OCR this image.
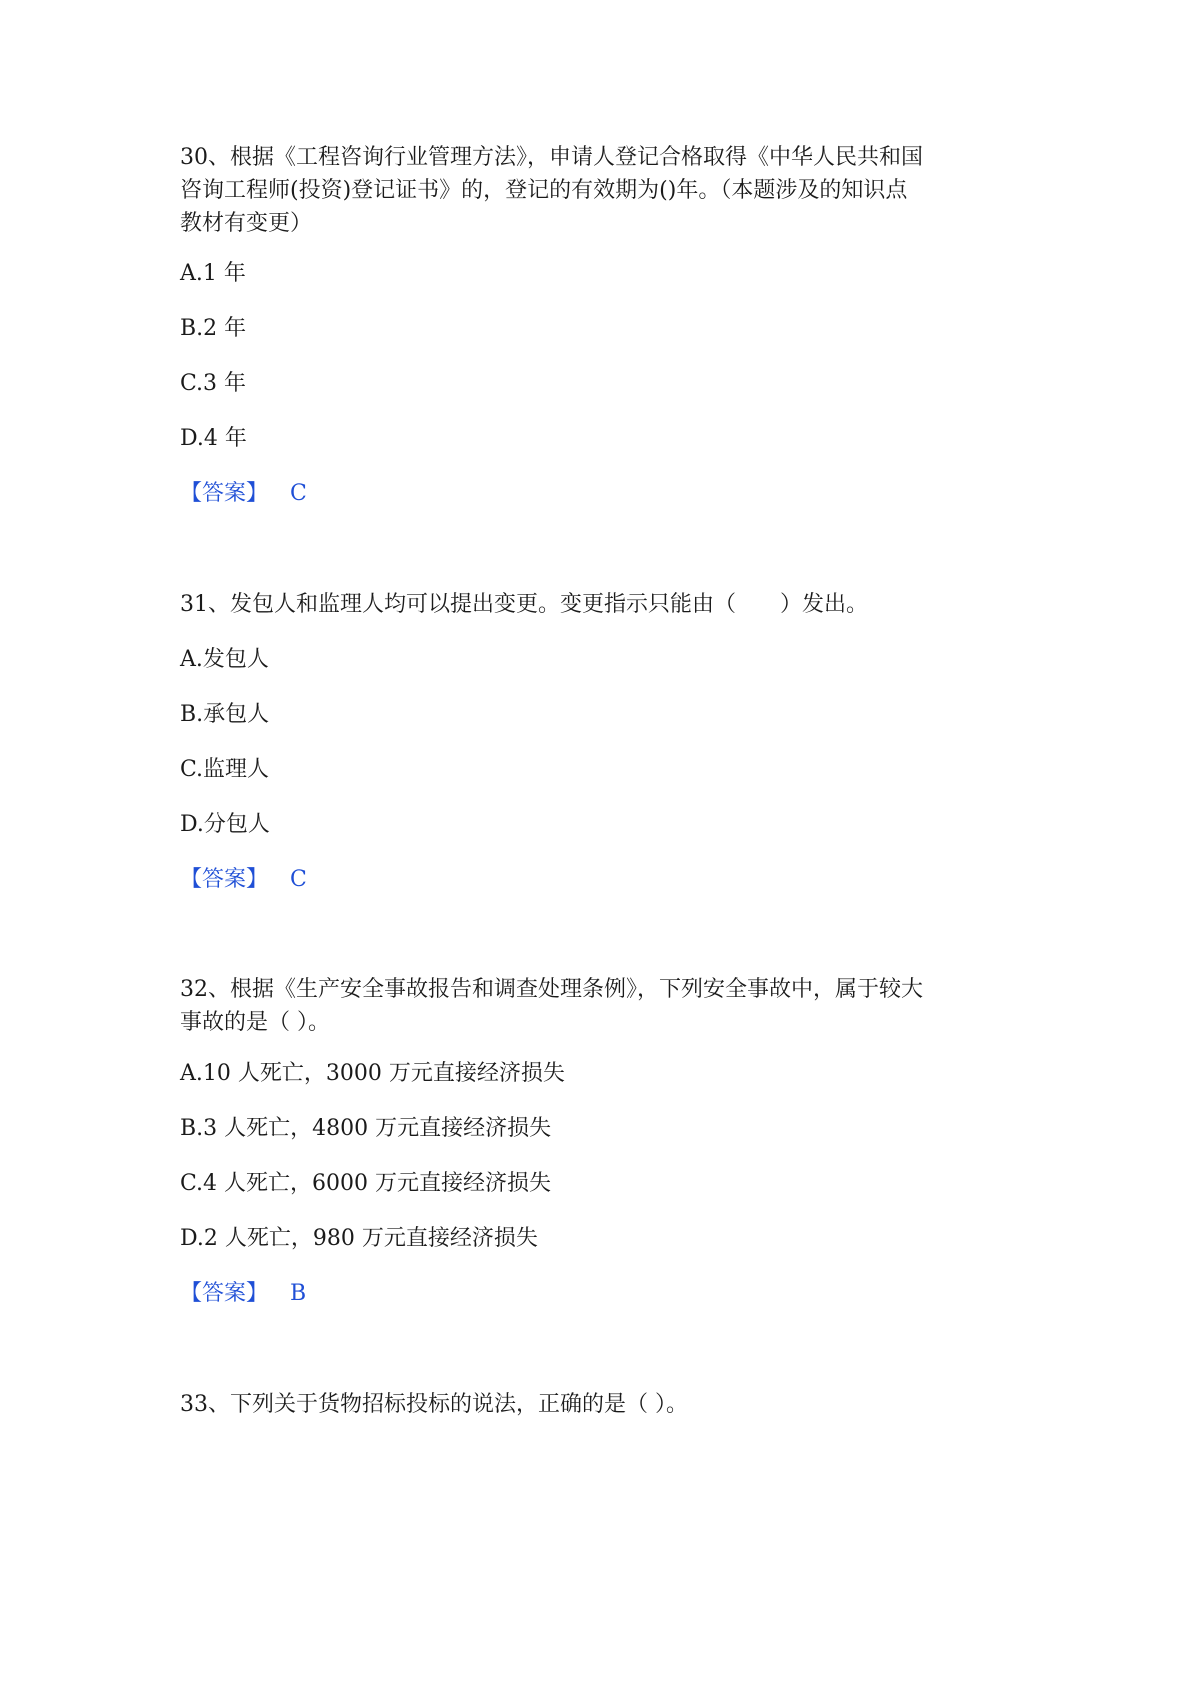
30、根据《工程咨询行业管理方法》，申请人登记合格取得《中华人民共和国
咨询工程师(投资)登记证书》的，登记的有效期为()年。（本题涉及的知识点
教材有变更）
A.1 年
B.2 年
C.3 年
D.4 年
【答案】 C
31、发包人和监理人均可以提出变更。变更指示只能由（　　）发出。
A.发包人
B.承包人
C.监理人
D.分包人
【答案】 C
32、根据《生产安全事故报告和调查处理条例》，下列安全事故中，属于较大
事故的是（ ）。
A.10 人死亡，3000 万元直接经济损失
B.3 人死亡，4800 万元直接经济损失
C.4 人死亡，6000 万元直接经济损失
D.2 人死亡，980 万元直接经济损失
【答案】 B
33、下列关于货物招标投标的说法，正确的是（ ）。
